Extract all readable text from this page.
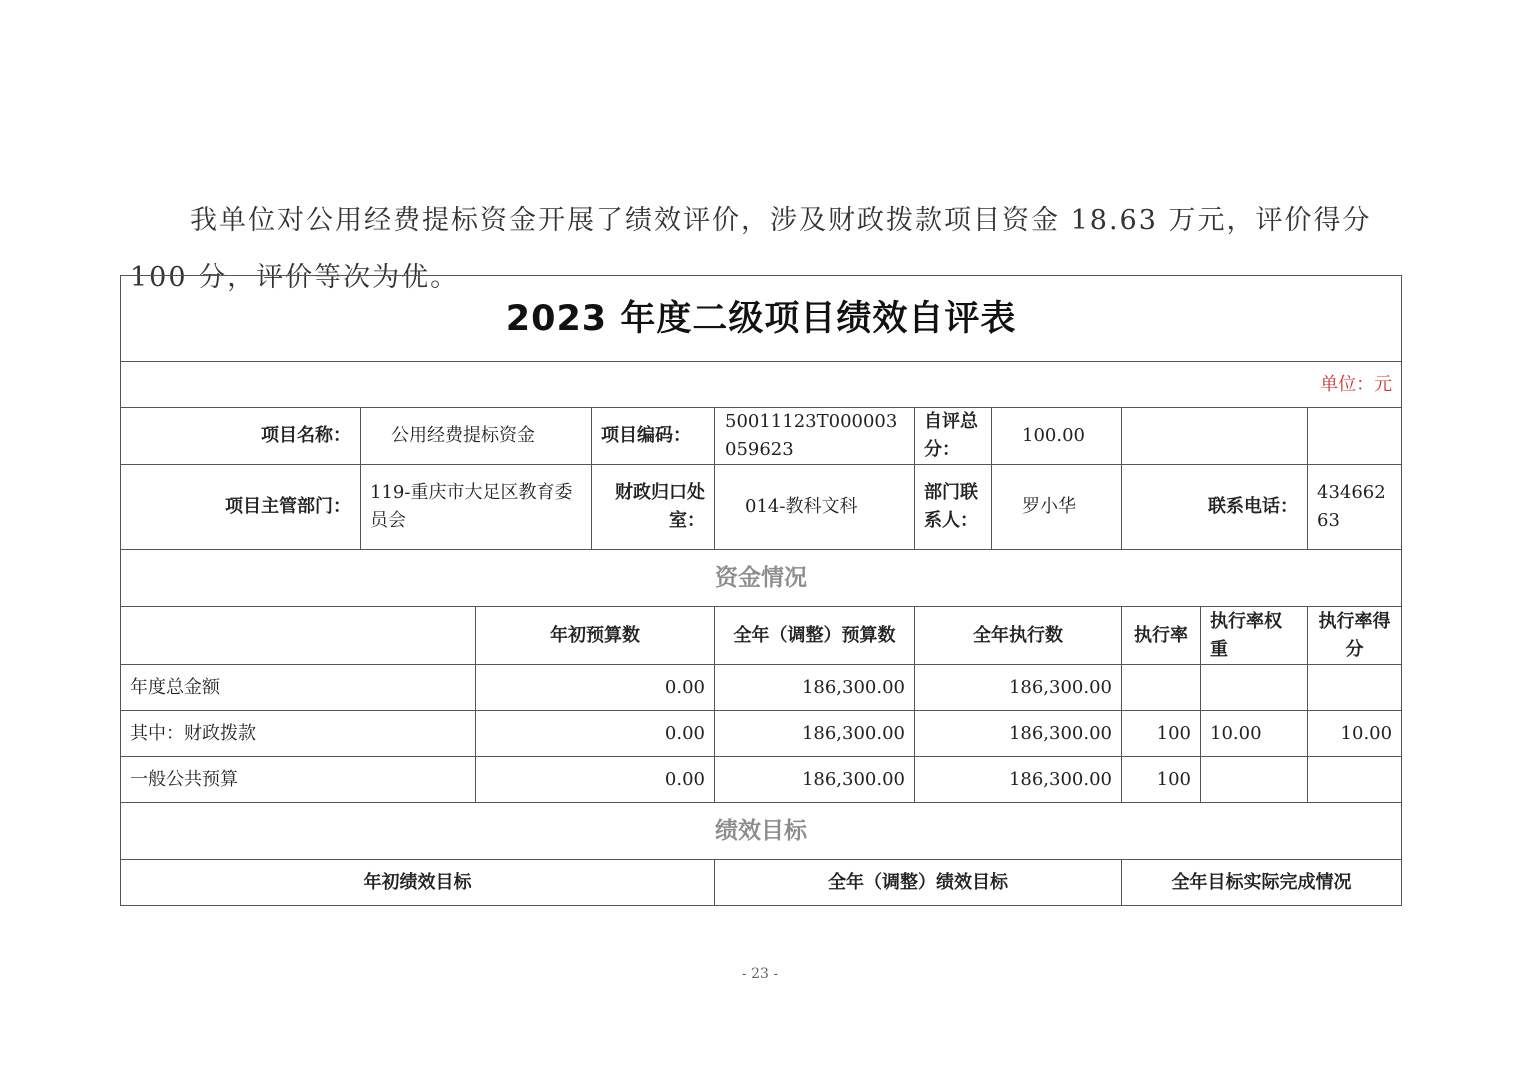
我单位对公用经费提标资金开展了绩效评价，涉及财政拨款项目资金 18.63 万元，评价得分 100 分，评价等次为优。

2023 年度二级项目绩效自评表									
单位：元									
项目名称：	公用经费提标资金		项目编码：	50011123T000003059623	自评总分：	100.00			
项目主管部门：	119-重庆市大足区教育委员会		财政归口处室：	014-教科文科	部门联系人：	罗小华	联系电话：		43466263
资金情况									
		年初预算数		全年（调整）预算数	全年执行数		执行率	执行率权重	执行率得分
年度总金额		0.00		186,300.00	186,300.00				
其中：财政拨款		0.00		186,300.00	186,300.00		100	10.00	10.00
一般公共预算		0.00		186,300.00	186,300.00		100		
绩效目标									
年初绩效目标				全年（调整）绩效目标			全年目标实际完成情况		
- 23 -
